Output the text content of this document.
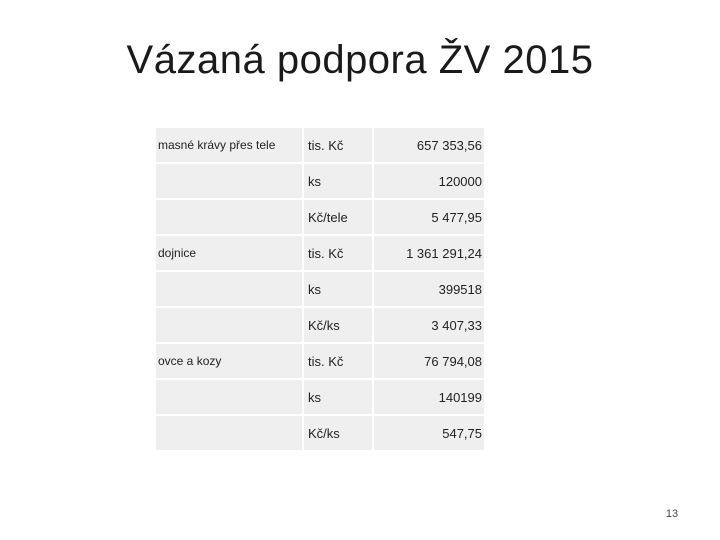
Vázaná podpora ŽV 2015
masné krávy přes tele	tis. Kč	657 353,56
	ks	120000
	Kč/tele	5 477,95
dojnice	tis. Kč	1 361 291,24
	ks	399518
	Kč/ks	3 407,33
ovce a kozy	tis. Kč	76 794,08
	ks	140199
	Kč/ks	547,75
13
